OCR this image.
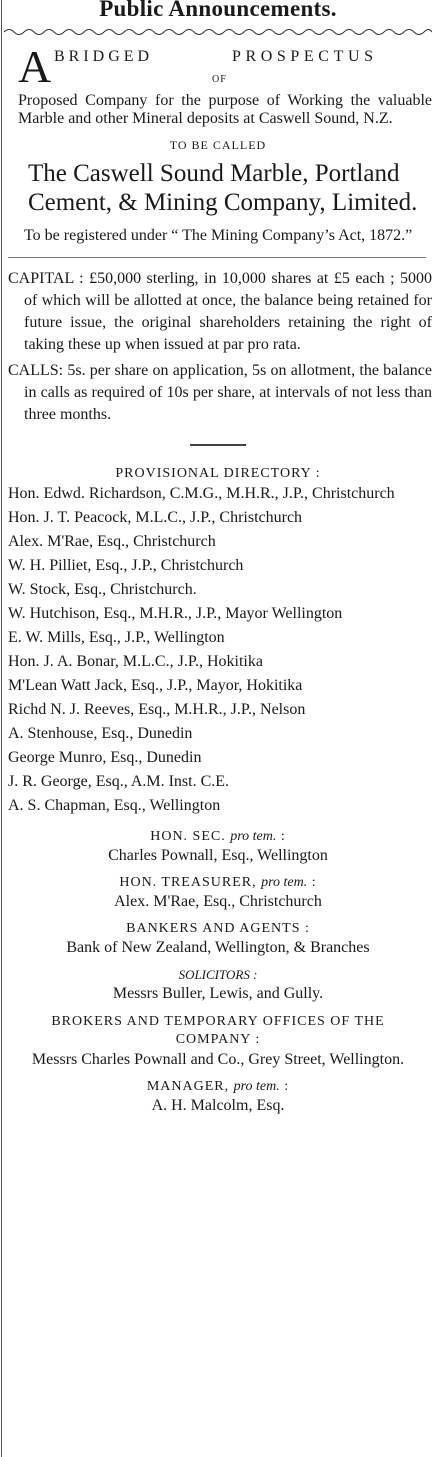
Public Announcements.
A BRIDGED	PROSPECTUS
OF
Proposed Company for the purpose of Working the valuable Marble and other Mineral deposits at Caswell Sound, N.Z.
TO BE CALLED
The Caswell Sound Marble, Portland Cement, & Mining Company, Limited.
To be registered under “ The Mining Company’s Act, 1872.”
CAPITAL : £50,000 sterling, in 10,000 shares at £5 each ; 5000 of which will be allotted at once, the balance being retained for future issue, the original shareholders retaining the right of taking these up when issued at par pro rata.
CALLS: 5s. per share on application, 5s on allotment, the balance in calls as required of 10s per share, at intervals of not less than three months.
PROVISIONAL DIRECTORY :
Hon. Edwd. Richardson, C.M.G., M.H.R., J.P., Christchurch
Hon. J. T. Peacock, M.L.C., J.P., Christchurch
Alex. M'Rae, Esq., Christchurch
W. H. Pilliet, Esq., J.P., Christchurch
W. Stock, Esq., Christchurch.
W. Hutchison, Esq., M.H.R., J.P., Mayor Wellington
E. W. Mills, Esq., J.P., Wellington
Hon. J. A. Bonar, M.L.C., J.P., Hokitika
M'Lean Watt Jack, Esq., J.P., Mayor, Hokitika
Richd N. J. Reeves, Esq., M.H.R., J.P., Nelson
A. Stenhouse, Esq., Dunedin
George Munro, Esq., Dunedin
J. R. George, Esq., A.M. Inst. C.E.
A. S. Chapman, Esq., Wellington
HON. SEC. pro tem. :
Charles Pownall, Esq., Wellington
HON. TREASURER, pro tem. :
Alex. M'Rae, Esq., Christchurch
BANKERS AND AGENTS :
Bank of New Zealand, Wellington, & Branches
SOLICITORS :
Messrs Buller, Lewis, and Gully.
BROKERS AND TEMPORARY OFFICES OF THE COMPANY :
Messrs Charles Pownall and Co., Grey Street, Wellington.
MANAGER, pro tem. :
A. H. Malcolm, Esq.
